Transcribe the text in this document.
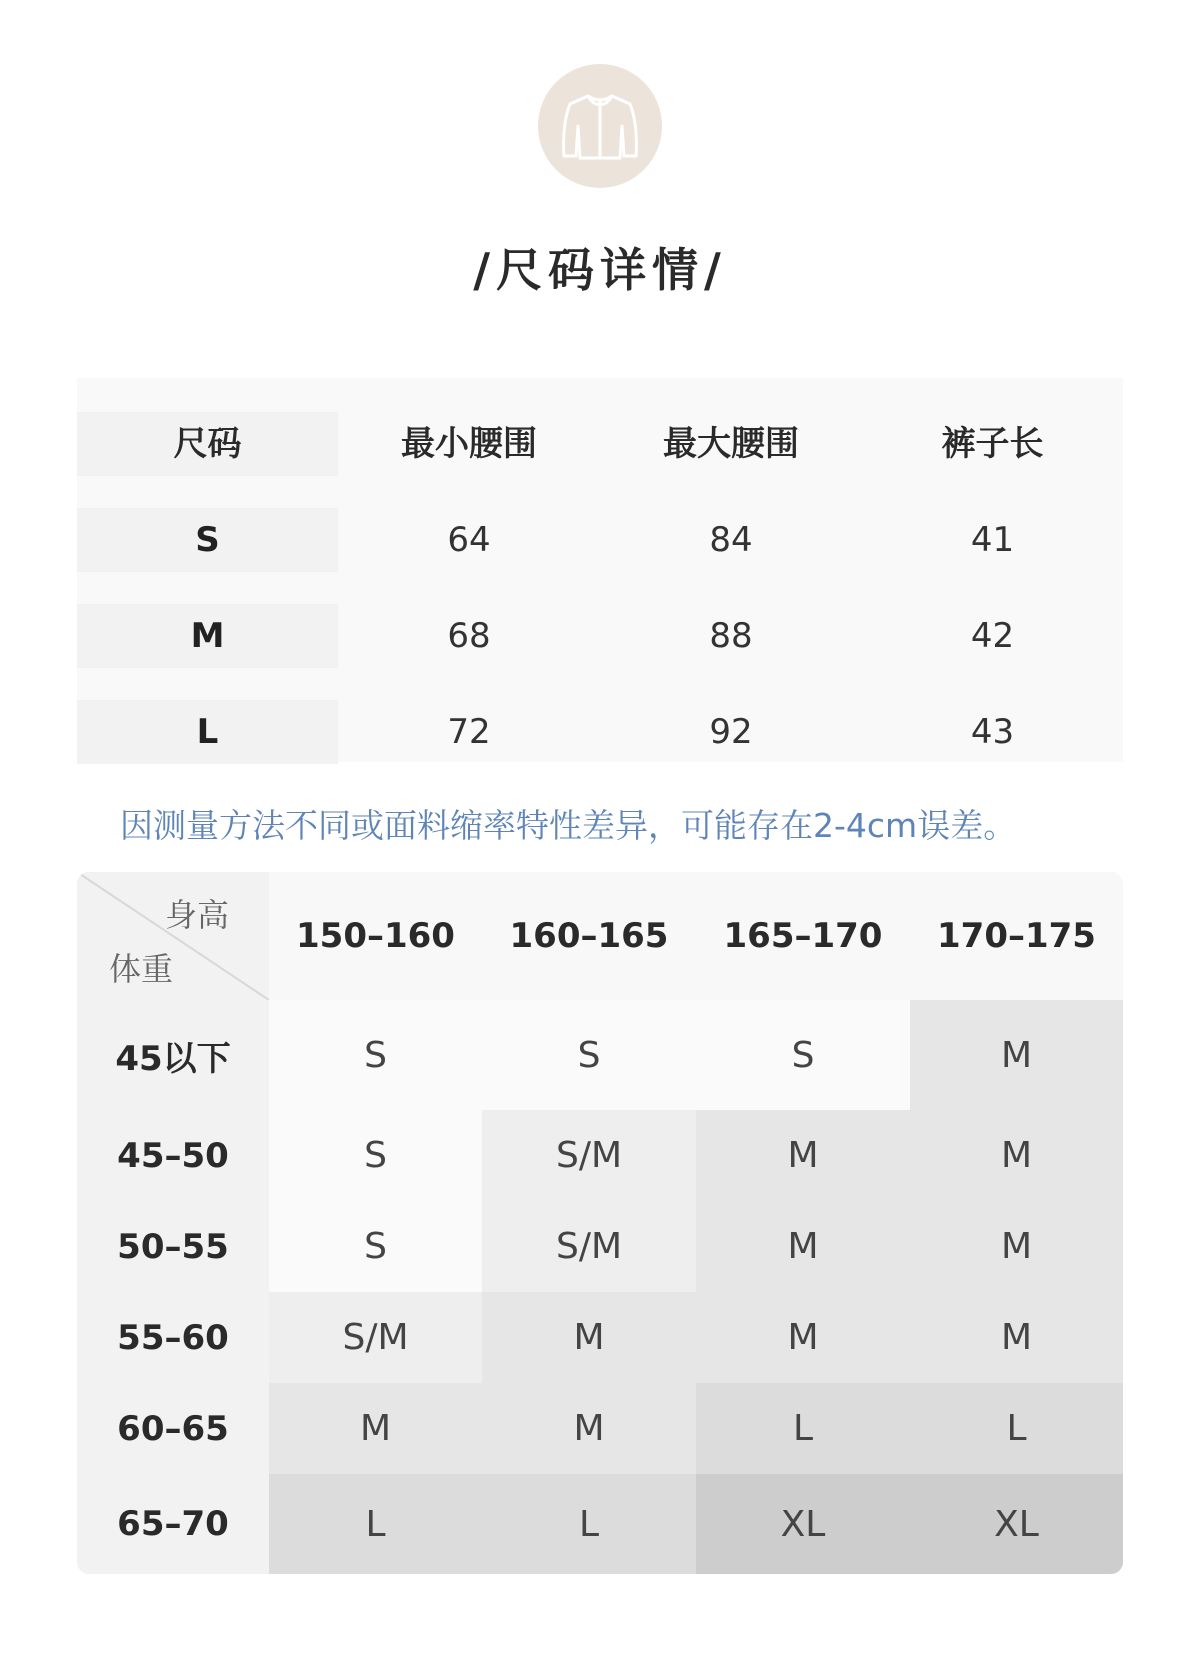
/尺码详情/
尺码	最小腰围	最大腰围	裤子长
S	64	84	41
M	68	88	42
L	72	92	43
因测量方法不同或面料缩率特性差异，可能存在2-4cm误差。
身高
体重
150–160	160–165	165–170	170–175
45以下	S	S	S	M
45–50	S	S/M	M	M
50–55	S	S/M	M	M
55–60	S/M	M	M	M
60–65	M	M	L	L
65–70	L	L	XL	XL
